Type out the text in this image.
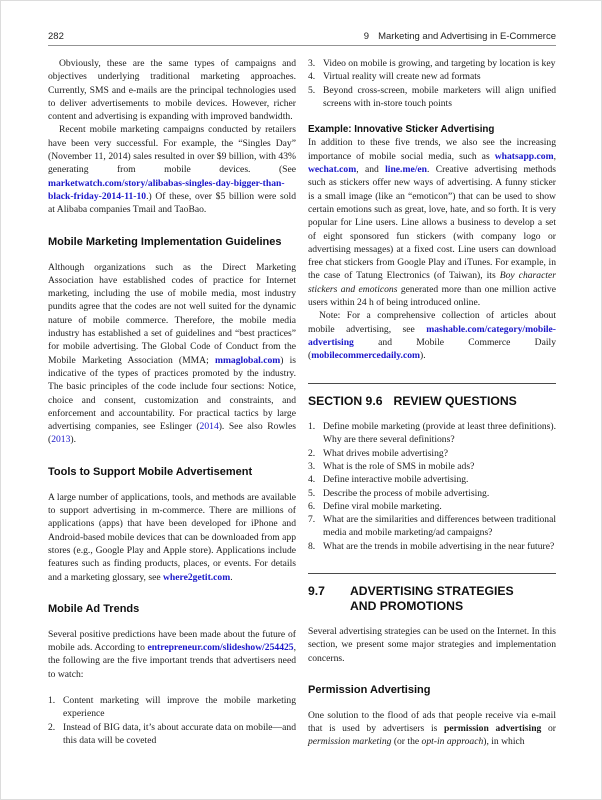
282	9 Marketing and Advertising in E-Commerce

Obviously, these are the same types of campaigns and objectives underlying traditional marketing approaches. Currently, SMS and e-mails are the principal technologies used to deliver advertisements to mobile devices. However, richer content and advertising is expanding with improved bandwidth.

Recent mobile marketing campaigns conducted by retailers have been very successful. For example, the “Singles Day” (November 11, 2014) sales resulted in over $9 billion, with 43% generating from mobile devices. (See marketwatch.com/story/alibabas-singles-day-bigger-than-black-friday-2014-11-10.) Of these, over $5 billion were sold at Alibaba companies Tmail and TaoBao.

Mobile Marketing Implementation Guidelines

Although organizations such as the Direct Marketing Association have established codes of practice for Internet marketing, including the use of mobile media, most industry pundits agree that the codes are not well suited for the dynamic nature of mobile commerce. Therefore, the mobile media industry has established a set of guidelines and “best practices” for mobile advertising. The Global Code of Conduct from the Mobile Marketing Association (MMA; mmaglobal.com) is indicative of the types of practices promoted by the industry. The basic principles of the code include four sections: Notice, choice and consent, customization and constraints, and enforcement and accountability. For practical tactics by large advertising companies, see Eslinger (2014). See also Rowles (2013).

Tools to Support Mobile Advertisement

A large number of applications, tools, and methods are available to support advertising in m-commerce. There are millions of applications (apps) that have been developed for iPhone and Android-based mobile devices that can be downloaded from app stores (e.g., Google Play and Apple store). Applications include features such as finding products, places, or events. For details and a marketing glossary, see where2getit.com.

Mobile Ad Trends

Several positive predictions have been made about the future of mobile ads. According to entrepreneur.com/slideshow/254425, the following are the five important trends that advertisers need to watch:

1. Content marketing will improve the mobile marketing experience
2. Instead of BIG data, it’s about accurate data on mobile—and this data will be coveted
3. Video on mobile is growing, and targeting by location is key
4. Virtual reality will create new ad formats
5. Beyond cross-screen, mobile marketers will align unified screens with in-store touch points
Example: Innovative Sticker Advertising

In addition to these five trends, we also see the increasing importance of mobile social media, such as whatsapp.com, wechat.com, and line.me/en. Creative advertising methods such as stickers offer new ways of advertising. A funny sticker is a small image (like an “emoticon”) that can be used to show certain emotions such as great, love, hate, and so forth. It is very popular for Line users. Line allows a business to develop a set of eight sponsored fun stickers (with company logo or advertising messages) at a fixed cost. Line users can download free chat stickers from Google Play and iTunes. For example, in the case of Tatung Electronics (of Taiwan), its Boy character stickers and emoticons generated more than one million active users within 24 h of being introduced online.

Note: For a comprehensive collection of articles about mobile advertising, see mashable.com/category/mobile-advertising and Mobile Commerce Daily (mobilecommercedaily.com).

SECTION 9.6 REVIEW QUESTIONS
1. Define mobile marketing (provide at least three definitions). Why are there several definitions?
2. What drives mobile advertising?
3. What is the role of SMS in mobile ads?
4. Define interactive mobile advertising.
5. Describe the process of mobile advertising.
6. Define viral mobile marketing.
7. What are the similarities and differences between traditional media and mobile marketing/ad campaigns?
8. What are the trends in mobile advertising in the near future?
9.7	ADVERTISING STRATEGIES AND PROMOTIONS

Several advertising strategies can be used on the Internet. In this section, we present some major strategies and implementation concerns.

Permission Advertising

One solution to the flood of ads that people receive via e-mail that is used by advertisers is permission advertising or permission marketing (or the opt-in approach), in which
